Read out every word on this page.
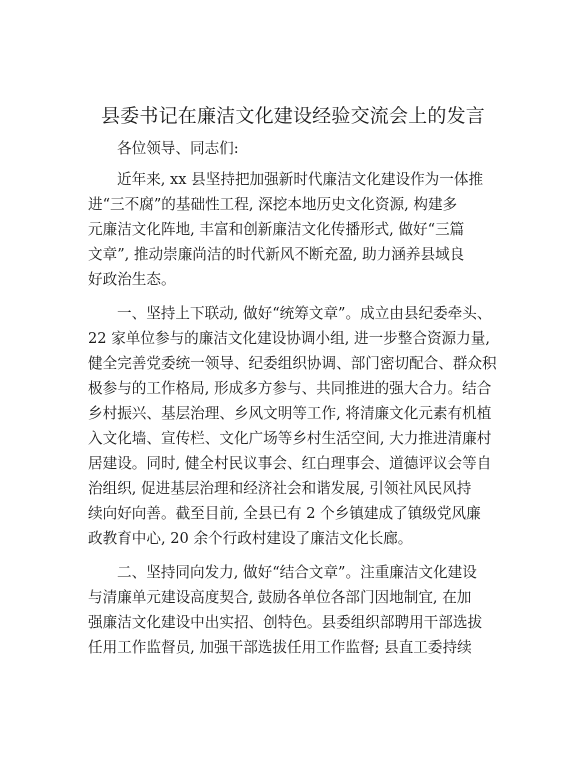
县委书记在廉洁文化建设经验交流会上的发言

各位领导、同志们:

近年来, xx 县坚持把加强新时代廉洁文化建设作为一体推
进“三不腐”的基础性工程, 深挖本地历史文化资源, 构建多
元廉洁文化阵地, 丰富和创新廉洁文化传播形式, 做好“三篇
文章”, 推动崇廉尚洁的时代新风不断充盈, 助力涵养县域良
好政治生态。

一、坚持上下联动, 做好“统筹文章”。成立由县纪委牵头、
22 家单位参与的廉洁文化建设协调小组, 进一步整合资源力量,
健全完善党委统一领导、纪委组织协调、部门密切配合、群众积
极参与的工作格局, 形成多方参与、共同推进的强大合力。结合
乡村振兴、基层治理、乡风文明等工作, 将清廉文化元素有机植
入文化墙、宣传栏、文化广场等乡村生活空间, 大力推进清廉村
居建设。同时, 健全村民议事会、红白理事会、道德评议会等自
治组织, 促进基层治理和经济社会和谐发展, 引领社风民风持
续向好向善。截至目前, 全县已有 2 个乡镇建成了镇级党风廉
政教育中心, 20 余个行政村建设了廉洁文化长廊。

二、坚持同向发力, 做好“结合文章”。注重廉洁文化建设
与清廉单元建设高度契合, 鼓励各单位各部门因地制宜, 在加
强廉洁文化建设中出实招、创特色。县委组织部聘用干部选拔
任用工作监督员, 加强干部选拔任用工作监督; 县直工委持续
